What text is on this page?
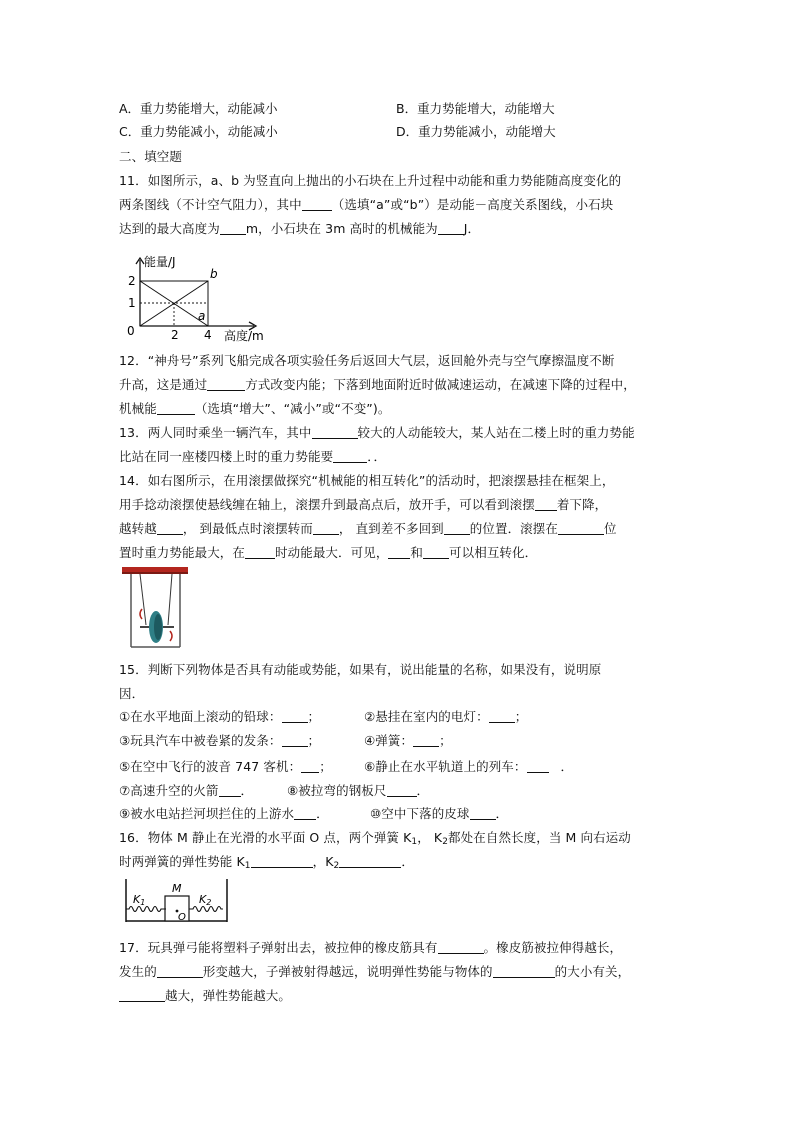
A．重力势能增大，动能减小	B．重力势能增大，动能增大
C．重力势能减小，动能减小	D．重力势能减小，动能增大
二、填空题
11．如图所示，a、b 为竖直向上抛出的小石块在上升过程中动能和重力势能随高度变化的
两条图线（不计空气阻力），其中 （选填“a”或“b”）是动能－高度关系图线，小石块
达到的最大高度为 m，小石块在 3m 高时的机械能为 J．
能量/J
高度/m
2
1
0	2 4
b
a
12．“神舟号”系列飞船完成各项实验任务后返回大气层，返回舱外壳与空气摩擦温度不断
升高，这是通过	方式改变内能；下落到地面附近时做减速运动，在减速下降的过程中，
机械能	（选填“增大”、“减小”或“不变”)。
13．两人同时乘坐一辆汽车，其中	较大的人动能较大，某人站在二楼上时的重力势能
比站在同一座楼四楼上时的重力势能要	．．
14．如右图所示，在用滚摆做探究“机械能的相互转化”的活动时，把滚摆悬挂在框架上，
用手捻动滚摆使悬线缠在轴上，滚摆升到最高点后，放开手，可以看到滚摆 着下降，
越转越 ， 到最低点时滚摆转而 ， 直到差不多回到 的位置．滚摆在	位
置时重力势能最大，在 时动能最大．可见， 和 可以相互转化．
15．判断下列物体是否具有动能或势能，如果有，说出能量的名称，如果没有，说明原
因．
①在水平地面上滚动的铅球： ；	②悬挂在室内的电灯： ；
③玩具汽车中被卷紧的发条： ；	④弹簧： ；
⑤在空中飞行的波音 747 客机： ；	⑥静止在水平轨道上的列车：	．
⑦高速升空的火箭 ．	⑧被拉弯的钢板尺 ．
⑨被水电站拦河坝拦住的上游水 ．	⑩空中下落的皮球 ．
16．物体 M 静止在光滑的水平面 O 点，两个弹簧 $K_1$， $K_2$都处在自然长度，当 M 向右运动
时两弹簧的弹性势能 $K_1$	，$K_2$	．
K1	K2
M
O
17．玩具弹弓能将塑料子弹射出去，被拉伸的橡皮筋具有	。橡皮筋被拉伸得越长，
发生的	形变越大，子弹被射得越远，说明弹性势能与物体的	的大小有关，
越大，弹性势能越大。
